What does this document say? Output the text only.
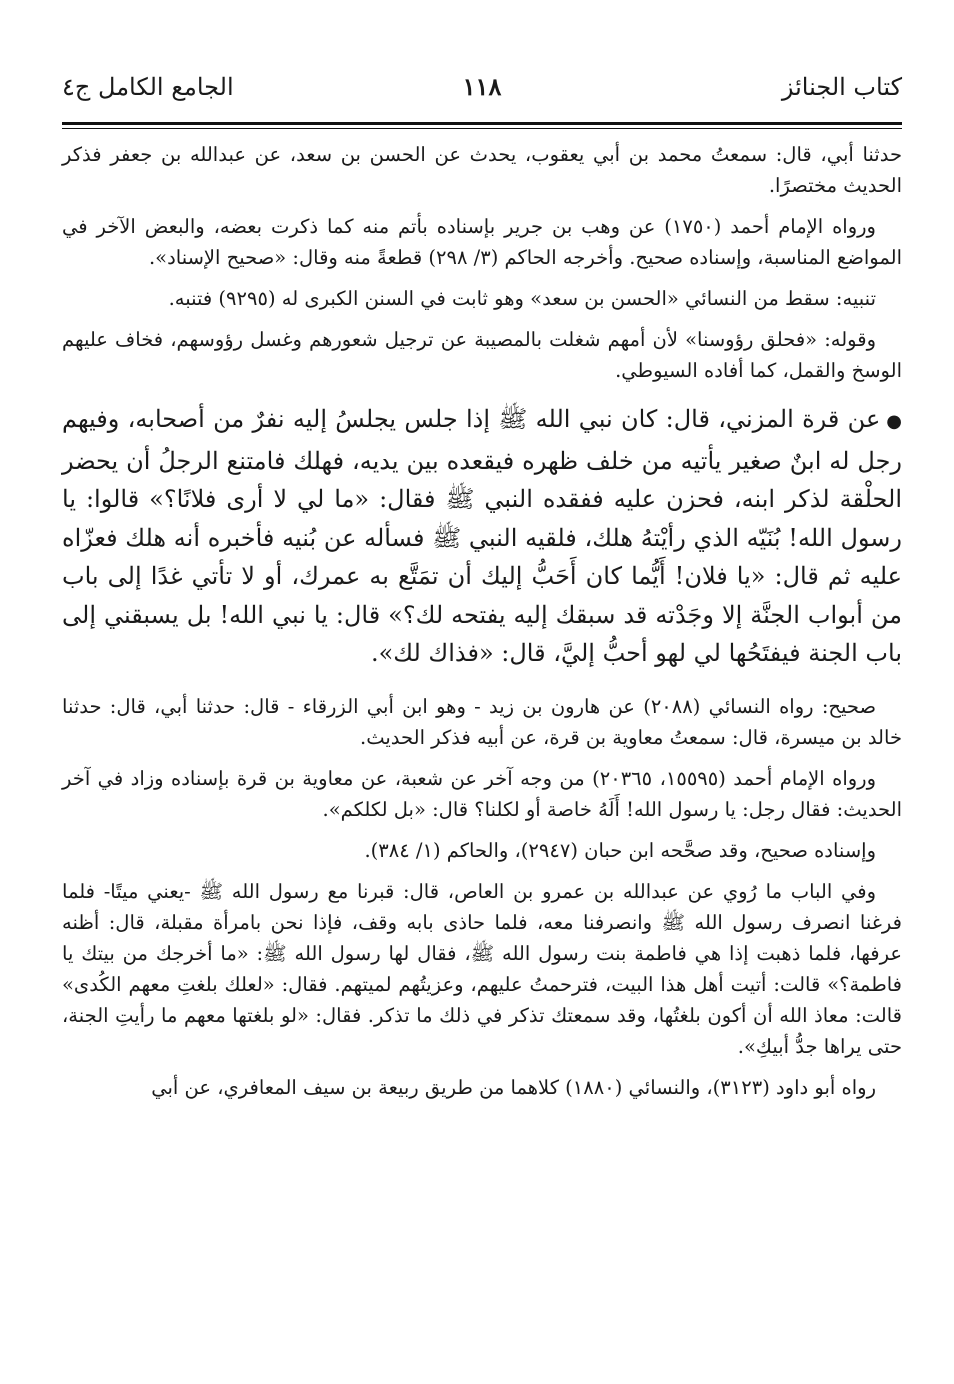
كتاب الجنائز
١١٨
الجامع الكامل ج٤

حدثنا أبي، قال: سمعتُ محمد بن أبي يعقوب، يحدث عن الحسن بن سعد، عن عبدالله بن جعفر فذكر الحديث مختصرًا.

ورواه الإمام أحمد (١٧٥٠) عن وهب بن جرير بإسناده بأتم منه كما ذكرت بعضه، والبعض الآخر في المواضع المناسبة، وإسناده صحيح. وأخرجه الحاكم (٣/ ٢٩٨) قطعةً منه وقال: «صحيح الإسناد».

تنبيه: سقط من النسائي «الحسن بن سعد» وهو ثابت في السنن الكبرى له (٩٢٩٥) فتنبه.

وقوله: «فحلق رؤوسنا» لأن أمهم شغلت بالمصيبة عن ترجيل شعورهم وغسل رؤوسهم، فخاف عليهم الوسخ والقمل، كما أفاده السيوطي.

●عن قرة المزني، قال: كان نبي الله ﷺ إذا جلس يجلسُ إليه نفرٌ من أصحابه، وفيهم رجل له ابنٌ صغير يأتيه من خلف ظهره فيقعده بين يديه، فهلك فامتنع الرجلُ أن يحضر الحلْقة لذكر ابنه، فحزن عليه ففقده النبي ﷺ فقال: «ما لي لا أرى فلانًا؟» قالوا: يا رسول الله! بُنَيّه الذي رأيْتهُ هلك، فلقيه النبي ﷺ فسأله عن بُنيه فأخبره أنه هلك فعزّاه عليه ثم قال: «يا فلان! أَيُّما كان أَحَبُّ إليك أن تمَتَّع به عمرك، أو لا تأتي غدًا إلى باب من أبواب الجنَّة إلا وجَدْته قد سبقك إليه يفتحه لك؟» قال: يا نبي الله! بل يسبقني إلى باب الجنة فيفتَحُها لي لهو أحبُّ إليَّ، قال: «فذاك لك».

صحيح: رواه النسائي (٢٠٨٨) عن هارون بن زيد - وهو ابن أبي الزرقاء - قال: حدثنا أبي، قال: حدثنا خالد بن ميسرة، قال: سمعتُ معاوية بن قرة، عن أبيه فذكر الحديث.

ورواه الإمام أحمد (١٥٥٩٥، ٢٠٣٦٥) من وجه آخر عن شعبة، عن معاوية بن قرة بإسناده وزاد في آخر الحديث: فقال رجل: يا رسول الله! أَلَهُ خاصة أو لكلنا؟ قال: «بل لكلكم».

وإسناده صحيح، وقد صحَّحه ابن حبان (٢٩٤٧)، والحاكم (١/ ٣٨٤).

وفي الباب ما رُوي عن عبدالله بن عمرو بن العاص، قال: قبرنا مع رسول الله ﷺ -يعني ميتًا- فلما فرغنا انصرف رسول الله ﷺ وانصرفنا معه، فلما حاذى بابه وقف، فإذا نحن بامرأة مقبلة، قال: أظنه عرفها، فلما ذهبت إذا هي فاطمة بنت رسول الله ﷺ، فقال لها رسول الله ﷺ: «ما أخرجك من بيتك يا فاطمة؟» قالت: أتيت أهل هذا البيت، فترحمتُ عليهم، وعزيتُهم لميتهم. فقال: «لعلك بلغتِ معهم الكُدى» قالت: معاذ الله أن أكون بلغتُها، وقد سمعتك تذكر في ذلك ما تذكر. فقال: «لو بلغتها معهم ما رأيتِ الجنة، حتى يراها جدُّ أبيكِ».

رواه أبو داود (٣١٢٣)، والنسائي (١٨٨٠) كلاهما من طريق ربيعة بن سيف المعافري، عن أبي
